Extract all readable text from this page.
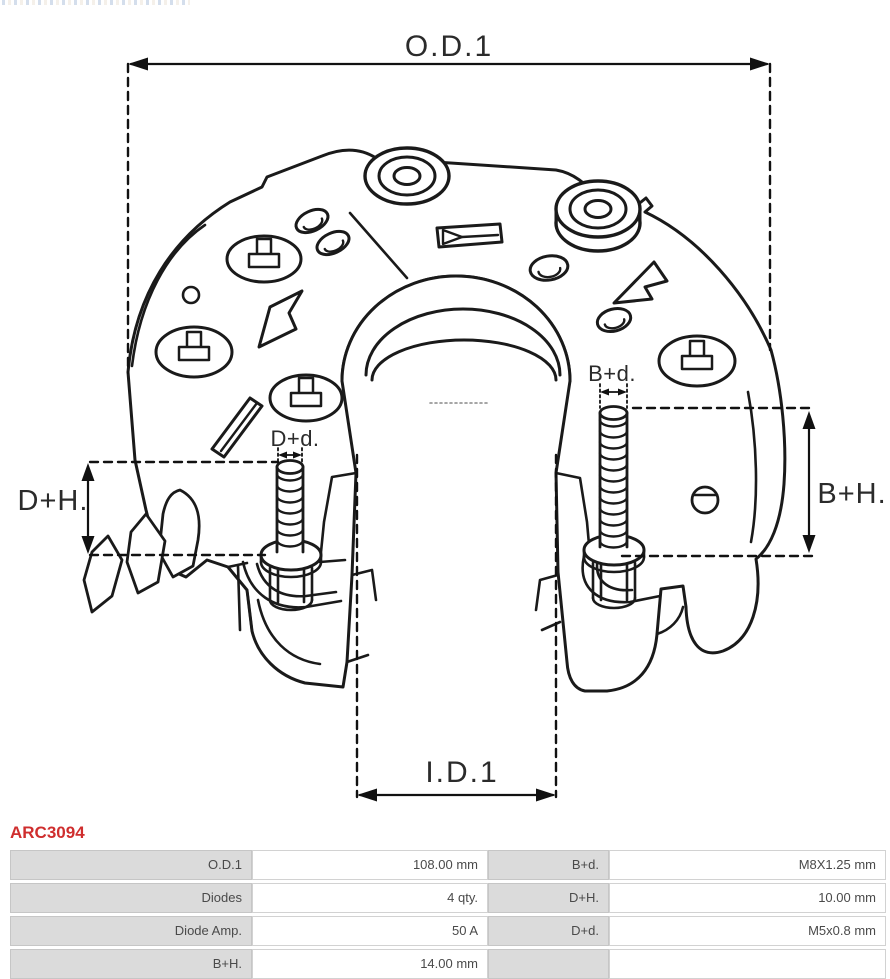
O.D.1
D+H.	B+H.
B+d.
D+d.
I.D.1
ARC3094
O.D.1	108.00 mm	B+d.	M8X1.25 mm
Diodes	4 qty.	D+H.	10.00 mm
Diode Amp.	50 A	D+d.	M5x0.8 mm
B+H.	14.00 mm
